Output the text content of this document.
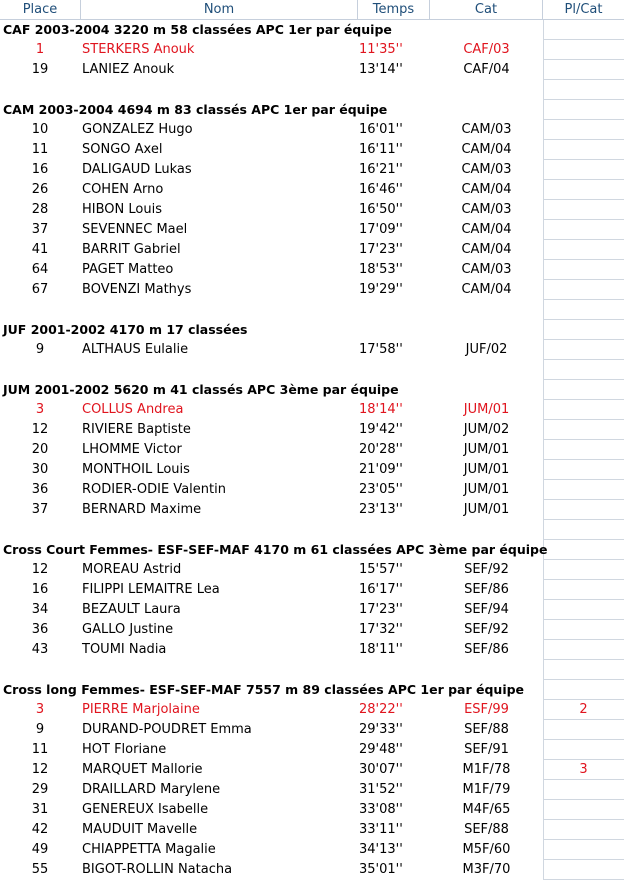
Place	Nom	Temps	Cat	Pl/Cat
CAF 2003-2004 3220 m 58 classées APC 1er par équipe
1	STERKERS Anouk	11'35''	CAF/03
19	LANIEZ Anouk	13'14''	CAF/04
CAM 2003-2004 4694 m 83 classés APC 1er par équipe
10	GONZALEZ Hugo	16'01''	CAM/03
11	SONGO Axel	16'11''	CAM/04
16	DALIGAUD Lukas	16'21''	CAM/03
26	COHEN Arno	16'46''	CAM/04
28	HIBON Louis	16'50''	CAM/03
37	SEVENNEC Mael	17'09''	CAM/04
41	BARRIT Gabriel	17'23''	CAM/04
64	PAGET Matteo	18'53''	CAM/03
67	BOVENZI Mathys	19'29''	CAM/04
JUF 2001-2002 4170 m 17 classées
9	ALTHAUS Eulalie	17'58''	JUF/02
JUM 2001-2002 5620 m 41 classés APC 3ème par équipe
3	COLLUS Andrea	18'14''	JUM/01
12	RIVIERE Baptiste	19'42''	JUM/02
20	LHOMME Victor	20'28''	JUM/01
30	MONTHOIL Louis	21'09''	JUM/01
36	RODIER-ODIE Valentin	23'05''	JUM/01
37	BERNARD Maxime	23'13''	JUM/01
Cross Court Femmes- ESF-SEF-MAF 4170 m 61 classées APC 3ème par équipe
12	MOREAU Astrid	15'57''	SEF/92
16	FILIPPI LEMAITRE Lea	16'17''	SEF/86
34	BEZAULT Laura	17'23''	SEF/94
36	GALLO Justine	17'32''	SEF/92
43	TOUMI Nadia	18'11''	SEF/86
Cross long Femmes- ESF-SEF-MAF 7557 m 89 classées APC 1er par équipe
3	PIERRE Marjolaine	28'22''	ESF/99	2
9	DURAND-POUDRET Emma	29'33''	SEF/88
11	HOT Floriane	29'48''	SEF/91
12	MARQUET Mallorie	30'07''	M1F/78	3
29	DRAILLARD Marylene	31'52''	M1F/79
31	GENEREUX Isabelle	33'08''	M4F/65
42	MAUDUIT Mavelle	33'11''	SEF/88
49	CHIAPPETTA Magalie	34'13''	M5F/60
55	BIGOT-ROLLIN Natacha	35'01''	M3F/70
